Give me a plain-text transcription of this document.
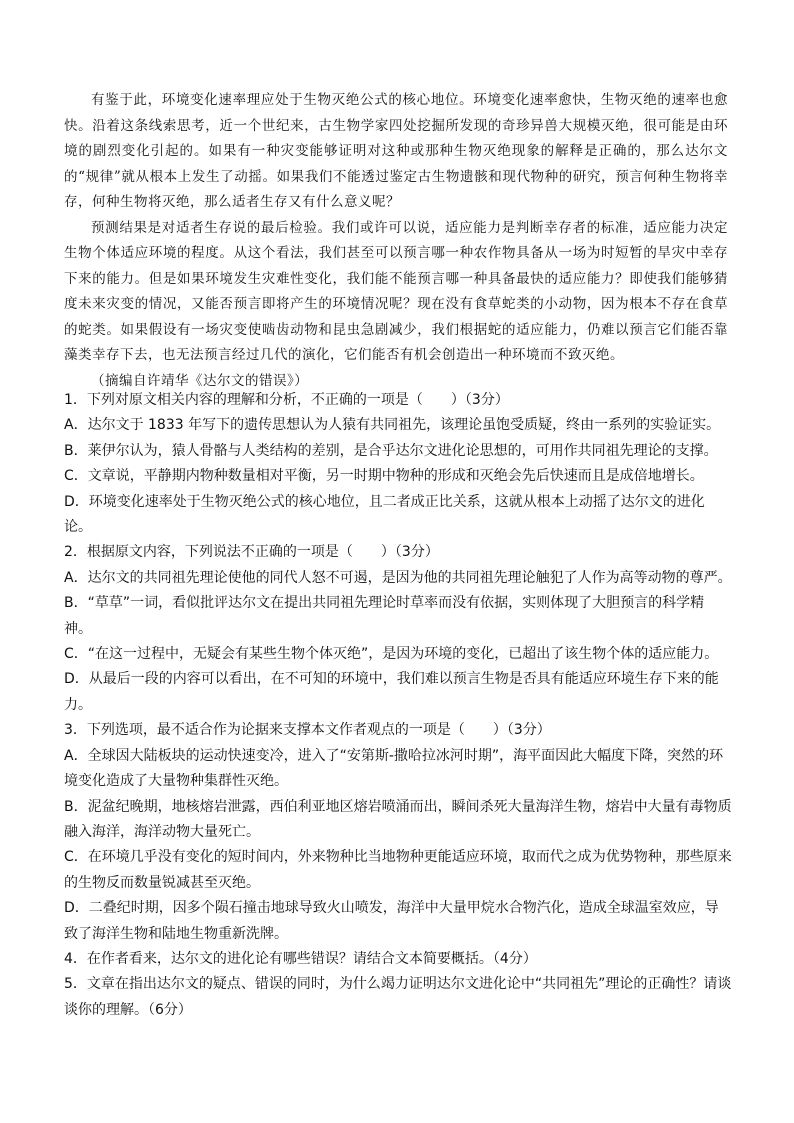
有鉴于此，环境变化速率理应处于生物灭绝公式的核心地位。环境变化速率愈快，生物灭绝的速率也愈快。沿着这条线索思考，近一个世纪来，古生物学家四处挖掘所发现的奇珍异兽大规模灭绝，很可能是由环境的剧烈变化引起的。如果有一种灾变能够证明对这种或那种生物灭绝现象的解释是正确的，那么达尔文的“规律”就从根本上发生了动摇。如果我们不能透过鉴定古生物遗骸和现代物种的研究，预言何种生物将幸存，何种生物将灭绝，那么适者生存又有什么意义呢？

预测结果是对适者生存说的最后检验。我们或许可以说，适应能力是判断幸存者的标准，适应能力决定生物个体适应环境的程度。从这个看法，我们甚至可以预言哪一种农作物具备从一场为时短暂的旱灾中幸存下来的能力。但是如果环境发生灾难性变化，我们能不能预言哪一种具备最快的适应能力？即使我们能够猜度未来灾变的情况，又能否预言即将产生的环境情况呢？现在没有食草蛇类的小动物，因为根本不存在食草的蛇类。如果假设有一场灾变使啮齿动物和昆虫急剧减少，我们根据蛇的适应能力，仍难以预言它们能否靠藻类幸存下去，也无法预言经过几代的演化，它们能否有机会创造出一种环境而不致灭绝。

（摘编自许靖华《达尔文的错误》）

1．下列对原文相关内容的理解和分析，不正确的一项是（　　）（3分）

A．达尔文于 1833 年写下的遗传思想认为人猿有共同祖先，该理论虽饱受质疑，终由一系列的实验证实。

B．莱伊尔认为，猿人骨骼与人类结构的差别，是合乎达尔文进化论思想的，可用作共同祖先理论的支撑。

C．文章说，平静期内物种数量相对平衡，另一时期中物种的形成和灭绝会先后快速而且是成倍地增长。

D．环境变化速率处于生物灭绝公式的核心地位，且二者成正比关系，这就从根本上动摇了达尔文的进化论。

2．根据原文内容，下列说法不正确的一项是（　　）（3分）

A．达尔文的共同祖先理论使他的同代人怒不可遏，是因为他的共同祖先理论触犯了人作为高等动物的尊严。

B．“草草”一词，看似批评达尔文在提出共同祖先理论时草率而没有依据，实则体现了大胆预言的科学精神。

C．“在这一过程中，无疑会有某些生物个体灭绝”，是因为环境的变化，已超出了该生物个体的适应能力。

D．从最后一段的内容可以看出，在不可知的环境中，我们难以预言生物是否具有能适应环境生存下来的能力。

3．下列选项，最不适合作为论据来支撑本文作者观点的一项是（　　）（3分）

A．全球因大陆板块的运动快速变冷，进入了“安第斯-撒哈拉冰河时期”，海平面因此大幅度下降，突然的环境变化造成了大量物种集群性灭绝。

B．泥盆纪晚期，地核熔岩泄露，西伯利亚地区熔岩喷涌而出，瞬间杀死大量海洋生物，熔岩中大量有毒物质融入海洋，海洋动物大量死亡。

C．在环境几乎没有变化的短时间内，外来物种比当地物种更能适应环境，取而代之成为优势物种，那些原来的生物反而数量锐减甚至灭绝。

D．二叠纪时期，因多个陨石撞击地球导致火山喷发，海洋中大量甲烷水合物汽化，造成全球温室效应，导致了海洋生物和陆地生物重新洗牌。

4．在作者看来，达尔文的进化论有哪些错误？请结合文本简要概括。（4分）

5．文章在指出达尔文的疑点、错误的同时，为什么竭力证明达尔文进化论中“共同祖先”理论的正确性？请谈谈你的理解。（6分）
